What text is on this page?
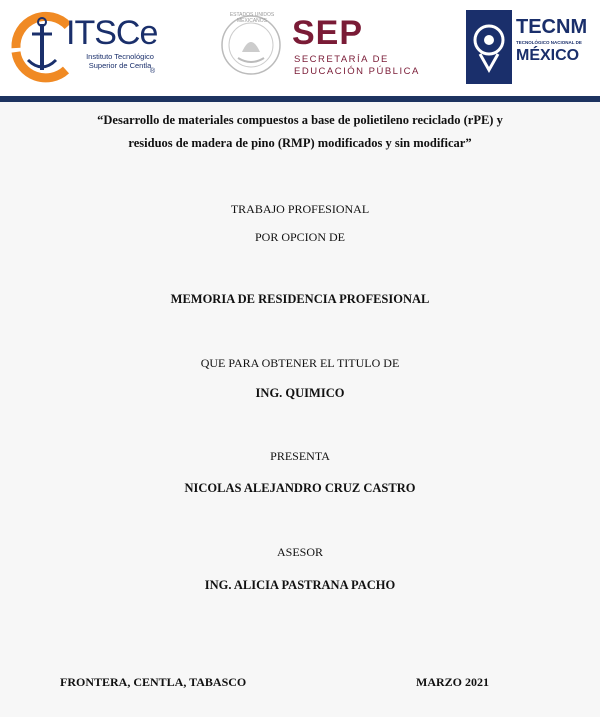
ITSCe
Instituto Tecnológico Superior de Centla
®
ESTADOS UNIDOS MEXICANOS SEP
SECRETARÍA DE
EDUCACIÓN PÚBLICA
TECNM
TECNOLÓGICO NACIONAL DE
MÉXICO
“Desarrollo de materiales compuestos a base de polietileno reciclado (rPE) y
residuos de madera de pino (RMP) modificados y sin modificar”
TRABAJO PROFESIONAL
POR OPCION DE
MEMORIA DE RESIDENCIA PROFESIONAL
QUE PARA OBTENER EL TITULO DE
ING. QUIMICO
PRESENTA
NICOLAS ALEJANDRO CRUZ CASTRO
ASESOR
ING. ALICIA PASTRANA PACHO
FRONTERA, CENTLA, TABASCO	MARZO 2021
